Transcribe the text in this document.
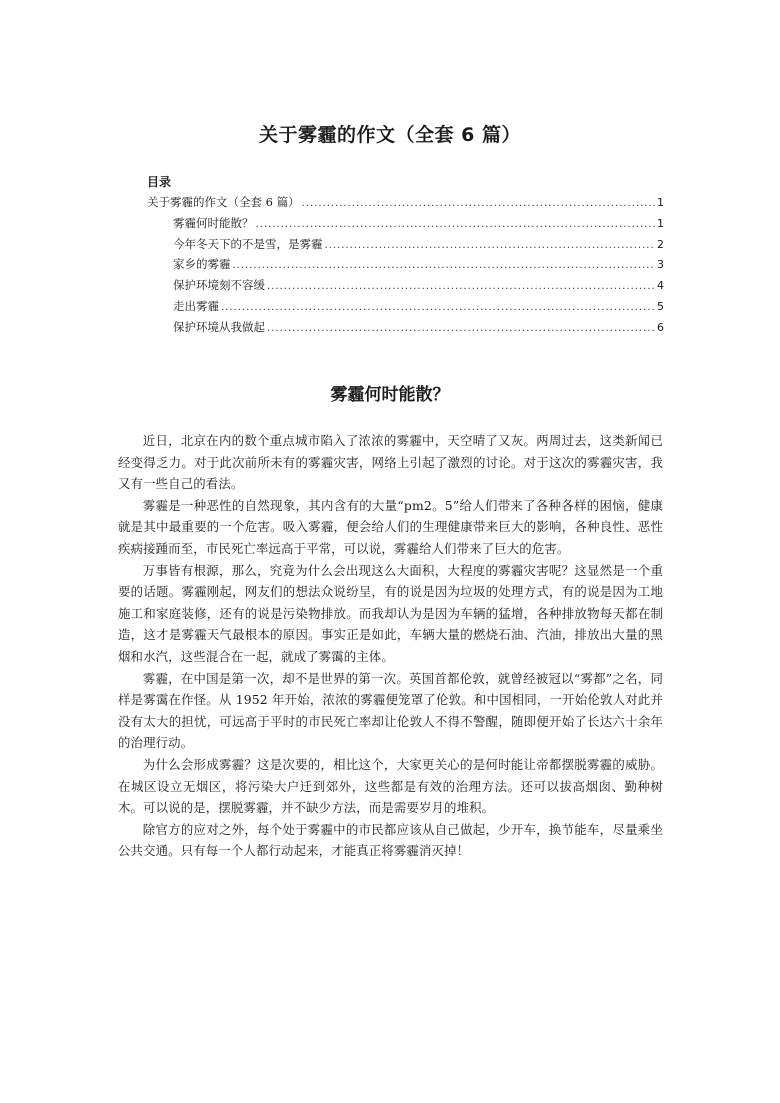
关于雾霾的作文（全套 6 篇）
目录
关于雾霾的作文（全套 6 篇） .....	1
雾霾何时能散？ .....	1
今年冬天下的不是雪，是雾霾 .....	2
家乡的雾霾 .....	3
保护环境刻不容缓 .....	4
走出雾霾 .....	5
保护环境从我做起 .....	6
雾霾何时能散？

近日，北京在内的数个重点城市陷入了浓浓的雾霾中，天空晴了又灰。两周过去，这类新闻已经变得乏力。对于此次前所未有的雾霾灾害，网络上引起了激烈的讨论。对于这次的雾霾灾害，我又有一些自己的看法。

雾霾是一种恶性的自然现象，其内含有的大量“pm2。5”给人们带来了各种各样的困恼，健康就是其中最重要的一个危害。吸入雾霾，便会给人们的生理健康带来巨大的影响，各种良性、恶性疾病接踵而至，市民死亡率远高于平常，可以说，雾霾给人们带来了巨大的危害。

万事皆有根源，那么，究竟为什么会出现这么大面积，大程度的雾霾灾害呢？这显然是一个重要的话题。雾霾刚起，网友们的想法众说纷呈，有的说是因为垃圾的处理方式，有的说是因为工地施工和家庭装修，还有的说是污染物排放。而我却认为是因为车辆的猛增，各种排放物每天都在制造，这才是雾霾天气最根本的原因。事实正是如此，车辆大量的燃烧石油、汽油，排放出大量的黑烟和水汽，这些混合在一起，就成了雾霭的主体。

雾霾，在中国是第一次，却不是世界的第一次。英国首都伦敦，就曾经被冠以“雾都”之名，同样是雾霭在作怪。从 1952 年开始，浓浓的雾霾便笼罩了伦敦。和中国相同，一开始伦敦人对此并没有太大的担忧，可远高于平时的市民死亡率却让伦敦人不得不警醒，随即便开始了长达六十余年的治理行动。

为什么会形成雾霾？这是次要的，相比这个，大家更关心的是何时能让帝都摆脱雾霾的威胁。在城区设立无烟区，将污染大户迁到郊外，这些都是有效的治理方法。还可以拔高烟囱、勤种树木。可以说的是，摆脱雾霾，并不缺少方法，而是需要岁月的堆积。

除官方的应对之外，每个处于雾霾中的市民都应该从自己做起，少开车，换节能车，尽量乘坐公共交通。只有每一个人都行动起来，才能真正将雾霾消灭掉！
